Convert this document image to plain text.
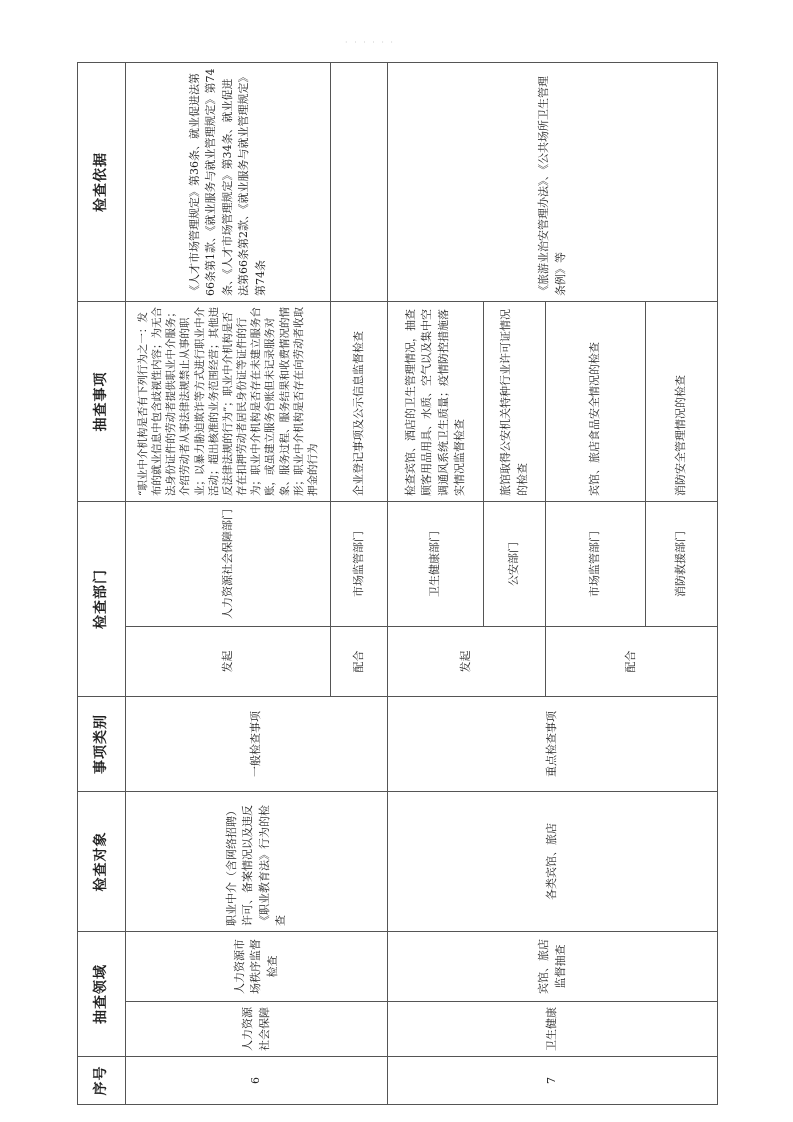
· · · · · ·
序号	抽查领域		检查对象	事项类别	检查部门		抽查事项	检查依据
6	人力资源社会保障	人力资源市场秩序监督检查	职业中介（含网络招聘）许可、备案情况以及违反《职业教育法》行为的检查	一般检查事项	发起	人力资源社会保障部门	“职业中介机构是否有下列行为之一：发布的就业信息中包含歧视性内容；为无合法身份证件的劳动者提供职业中介服务；介绍劳动者从事法律法规禁止从事的职业；以暴力胁迫欺诈等方式进行职业中介活动；超出核准的业务范围经营；其他违反法律法规的行为”；职业中介机构是否存在扣押劳动者居民身份证等证件的行为；职业中介机构是否存在未建立服务台账，或虽建立服务台账但未记录服务对象、服务过程、服务结果和收费情况的情形；职业中介机构是否存在向劳动者收取押金的行为	《人才市场管理规定》第36条、就业促进法第66条第1款、《就业服务与就业管理规定》第74条、《人才市场管理规定》第34条、就业促进法第66条第2款、《就业服务与就业管理规定》第74条
					配合	市场监管部门	企业登记事项及公示信息监督检查	
7	卫生健康	宾馆、旅店监督抽查	各类宾馆、旅店	重点检查事项	发起	卫生健康部门	检查宾馆、酒店的卫生管理情况，抽查顾客用品用具、水质、空气以及集中空调通风系统卫生质量；疫情防控措施落实情况监督检查	《旅游业治安管理办法》、《公共场所卫生管理条例》等
						公安部门	旅馆取得公安机关特种行业许可证情况的检查	
					配合	市场监管部门	宾馆、旅店食品安全情况的检查	
						消防救援部门	消防安全管理情况的检查	
